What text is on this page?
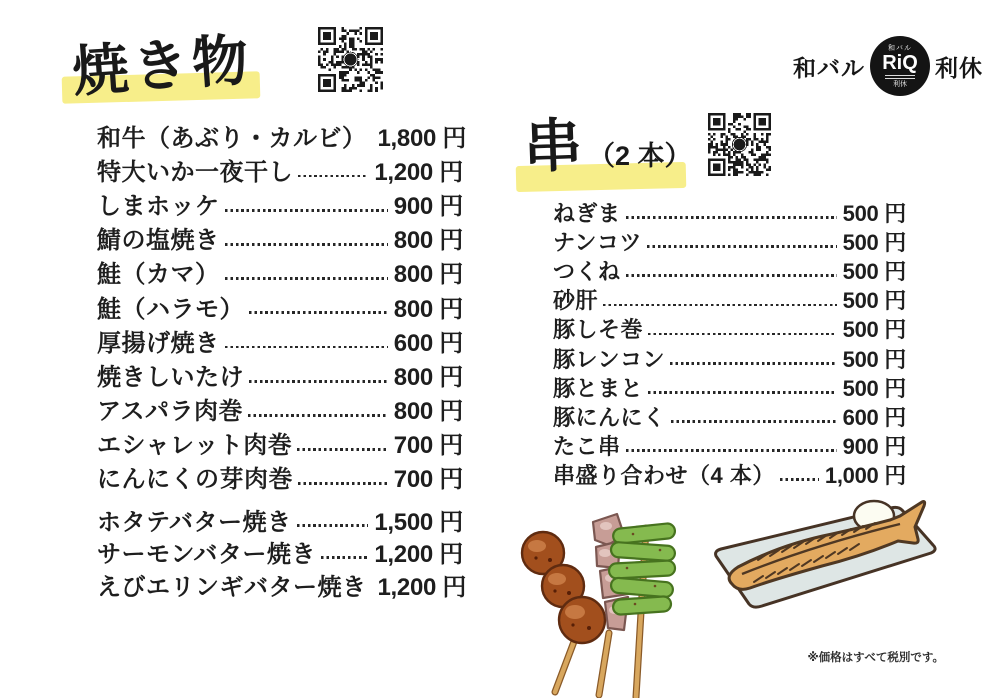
焼き物
和牛（あぶり・カルビ） 1,800 円
特大いか一夜干し	1,200 円
しまホッケ	900 円
鯖の塩焼き	800 円
鮭（カマ）	800 円
鮭（ハラモ）	800 円
厚揚げ焼き	600 円
焼きしいたけ	800 円
アスパラ肉巻	800 円
エシャレット肉巻	700 円
にんにくの芽肉巻	700 円
ホタテバター焼き	1,500 円
サーモンバター焼き 1,200 円
えびエリンギバター焼き 1,200 円
串 （2 本）
ねぎま	500 円
ナンコツ	500 円
つくね	500 円
砂肝	500 円
豚しそ巻	500 円
豚レンコン	500 円
豚とまと	500 円
豚にんにく	600 円
たこ串	900 円
串盛り合わせ（4 本） 1,000 円
和バル
和バル
RiQ
利休
利休
※価格はすべて税別です。
